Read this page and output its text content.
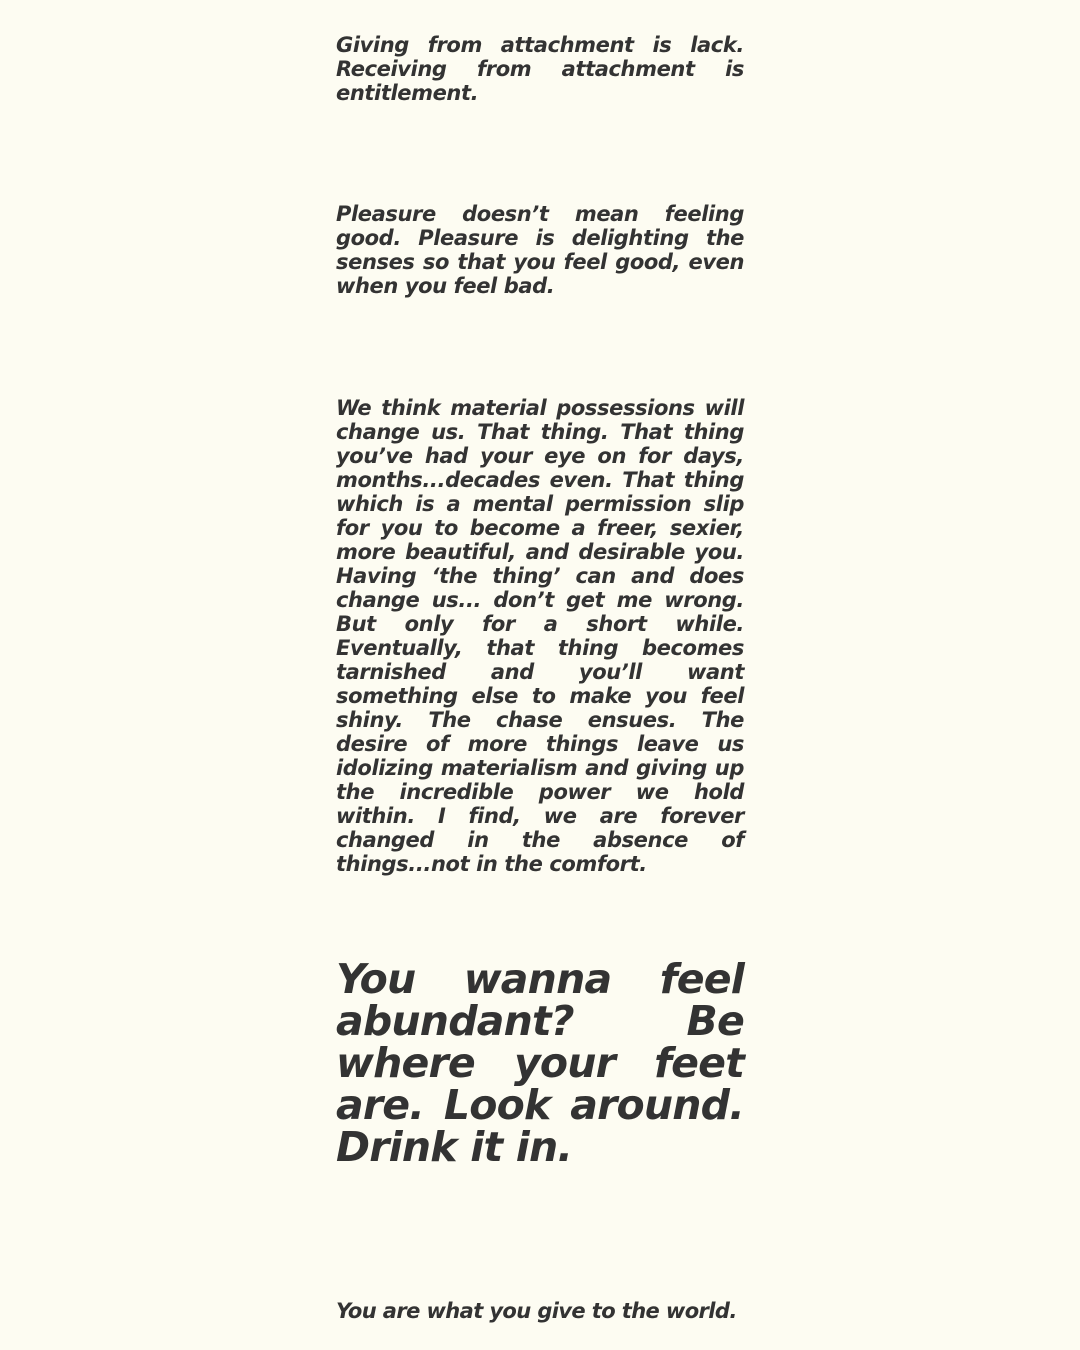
Giving from attachment is lack. Receiving from attachment is entitlement.

Pleasure doesn’t mean feeling good. Pleasure is delighting the senses so that you feel good, even when you feel bad.

We think material possessions will change us. That thing. That thing you’ve had your eye on for days, months...decades even. That thing which is a mental permission slip for you to become a freer, sexier, more beautiful, and desirable you. Having ‘the thing’ can and does change us... don’t get me wrong. But only for a short while. Eventually, that thing becomes tarnished and you’ll want something else to make you feel shiny. The chase ensues. The desire of more things leave us idolizing materialism and giving up the incredible power we hold within. I find, we are forever changed in the absence of things...not in the comfort.

You wanna feel abundant? Be where your feet are. Look around. Drink it in.

You are what you give to the world.
